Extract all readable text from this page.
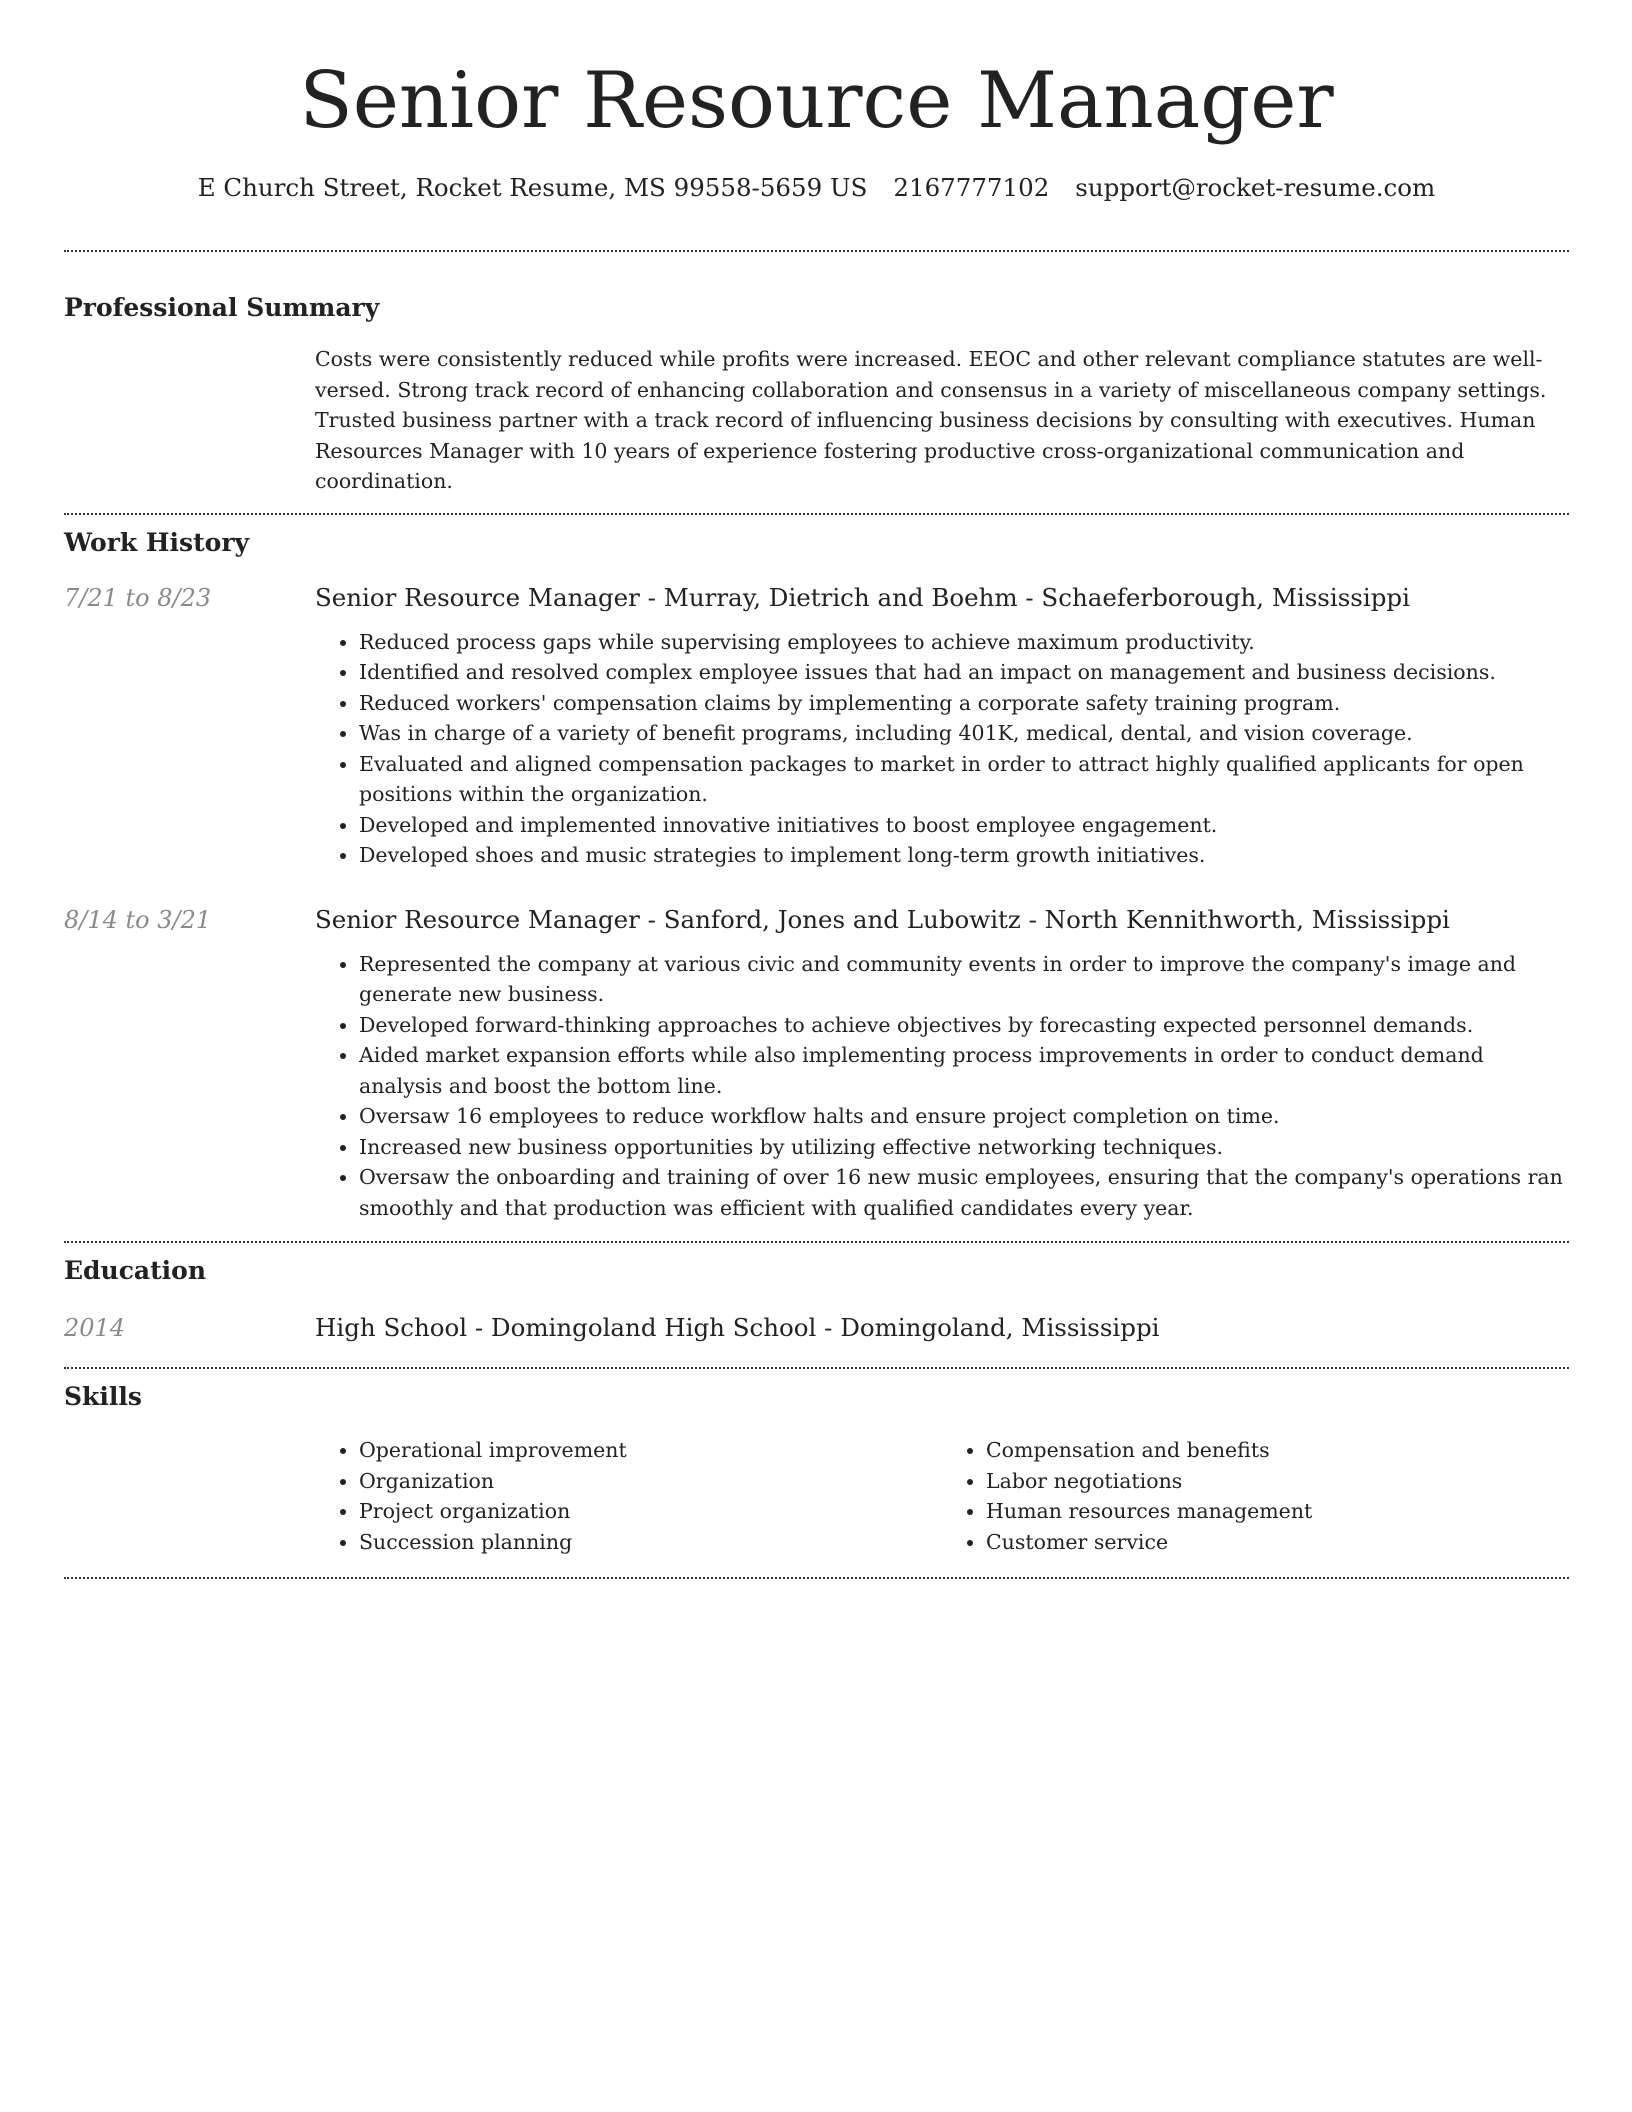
Senior Resource Manager
E Church Street, Rocket Resume, MS 99558-5659 US 2167777102 support@rocket-resume.com
Professional Summary

Costs were consistently reduced while profits were increased. EEOC and other relevant compliance statutes are well-versed. Strong track record of enhancing collaboration and consensus in a variety of miscellaneous company settings. Trusted business partner with a track record of influencing business decisions by consulting with executives. Human Resources Manager with 10 years of experience fostering productive cross-organizational communication and coordination.

Work History
7/21 to 8/23	Senior Resource Manager - Murray, Dietrich and Boehm - Schaeferborough, Mississippi
• Reduced process gaps while supervising employees to achieve maximum productivity.
• Identified and resolved complex employee issues that had an impact on management and business decisions.
• Reduced workers' compensation claims by implementing a corporate safety training program.
• Was in charge of a variety of benefit programs, including 401K, medical, dental, and vision coverage.
• Evaluated and aligned compensation packages to market in order to attract highly qualified applicants for open positions within the organization.
• Developed and implemented innovative initiatives to boost employee engagement.
• Developed shoes and music strategies to implement long-term growth initiatives.
8/14 to 3/21	Senior Resource Manager - Sanford, Jones and Lubowitz - North Kennithworth, Mississippi
• Represented the company at various civic and community events in order to improve the company's image and generate new business.
• Developed forward-thinking approaches to achieve objectives by forecasting expected personnel demands.
• Aided market expansion efforts while also implementing process improvements in order to conduct demand analysis and boost the bottom line.
• Oversaw 16 employees to reduce workflow halts and ensure project completion on time.
• Increased new business opportunities by utilizing effective networking techniques.
• Oversaw the onboarding and training of over 16 new music employees, ensuring that the company's operations ran smoothly and that production was efficient with qualified candidates every year.
Education
2014	High School - Domingoland High School - Domingoland, Mississippi
Skills
• Operational improvement
• Organization
• Project organization
• Succession planning
• Compensation and benefits
• Labor negotiations
• Human resources management
• Customer service
